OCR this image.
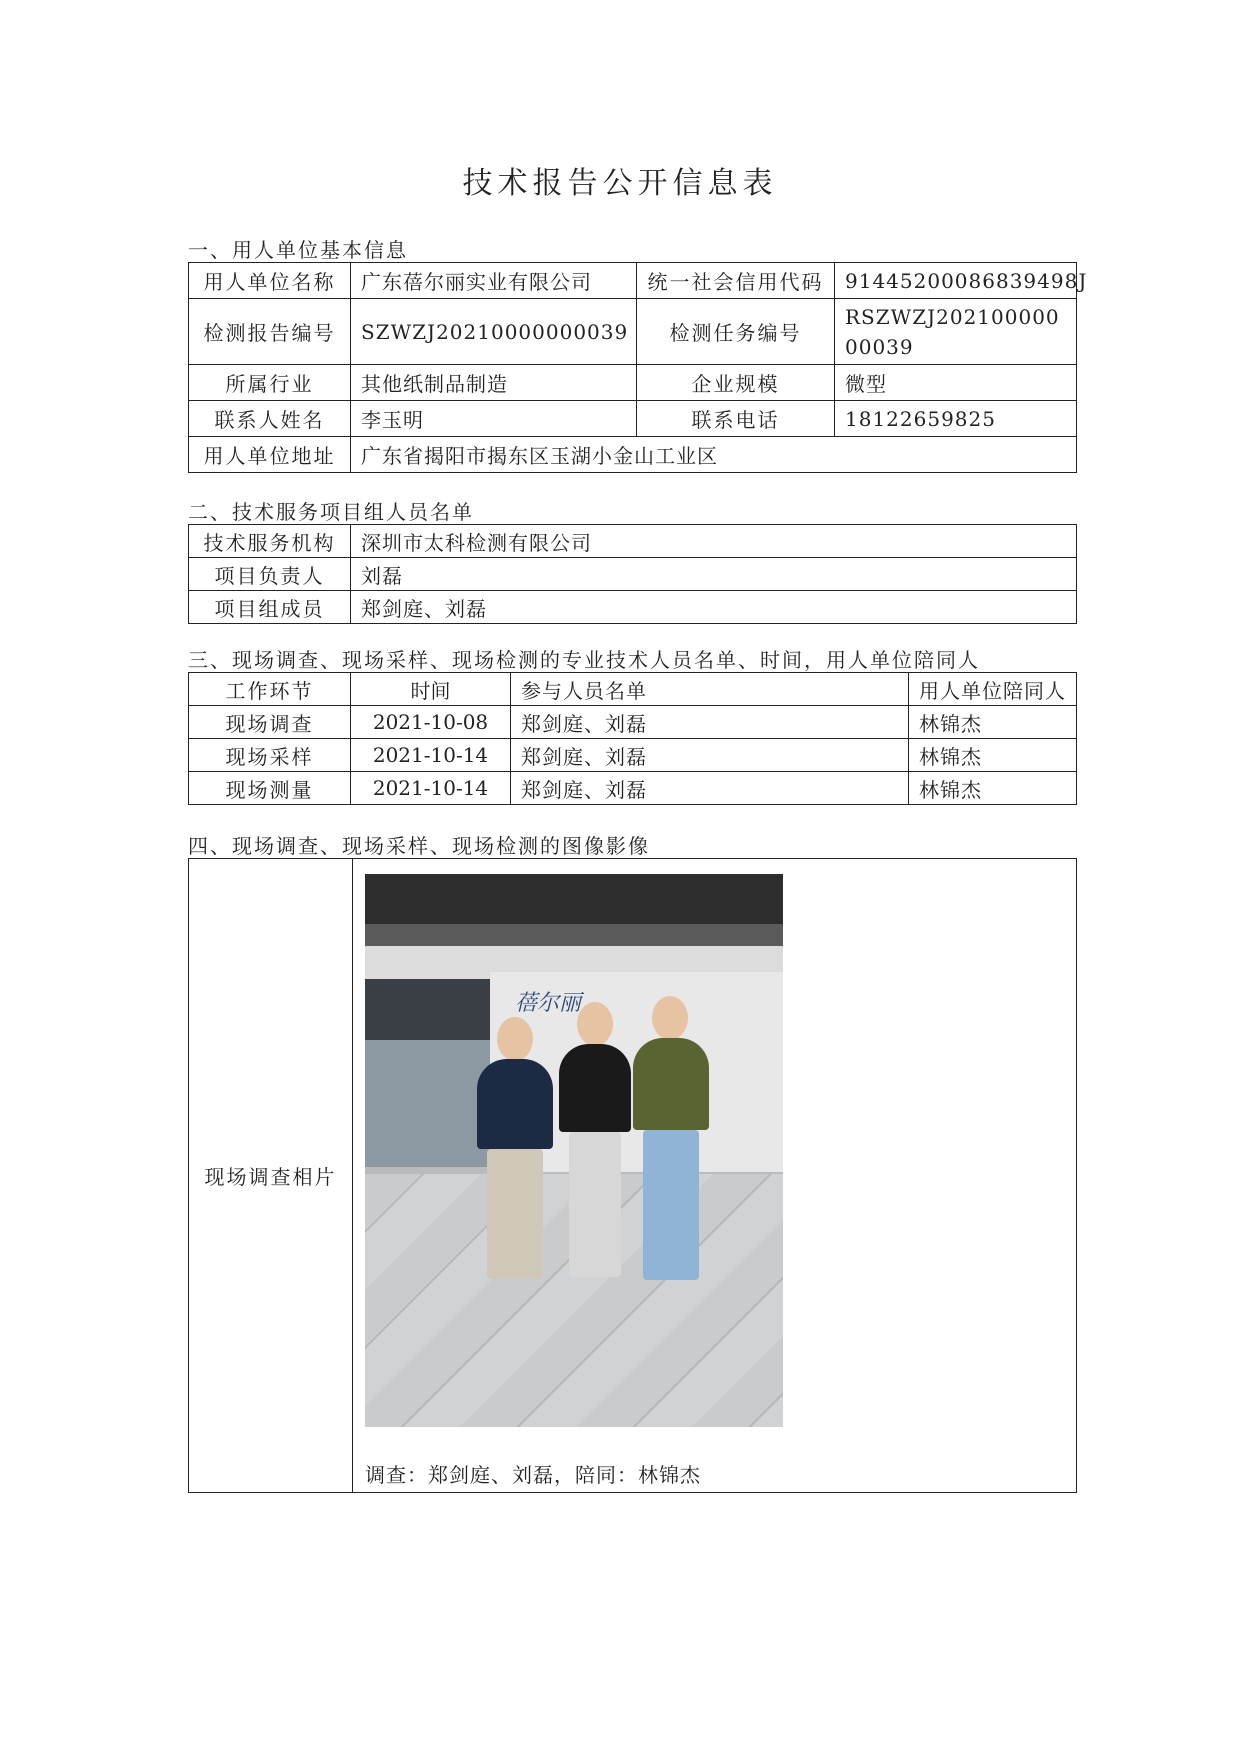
技术报告公开信息表
一、用人单位基本信息
用人单位名称	广东蓓尔丽实业有限公司	统一社会信用代码	91445200086839498J
检测报告编号	SZWZJ20210000000039	检测任务编号	RSZWZJ20210000000039
所属行业	其他纸制品制造	企业规模	微型
联系人姓名	李玉明	联系电话	18122659825
用人单位地址	广东省揭阳市揭东区玉湖小金山工业区		
二、技术服务项目组人员名单
技术服务机构	深圳市太科检测有限公司
项目负责人	刘磊
项目组成员	郑剑庭、刘磊
三、现场调查、现场采样、现场检测的专业技术人员名单、时间，用人单位陪同人
工作环节	时间	参与人员名单	用人单位陪同人
现场调查	2021-10-08	郑剑庭、刘磊	林锦杰
现场采样	2021-10-14	郑剑庭、刘磊	林锦杰
现场测量	2021-10-14	郑剑庭、刘磊	林锦杰
四、现场调查、现场采样、现场检测的图像影像
现场调查相片	
蓓尔丽
调查：郑剑庭、刘磊，陪同：林锦杰
